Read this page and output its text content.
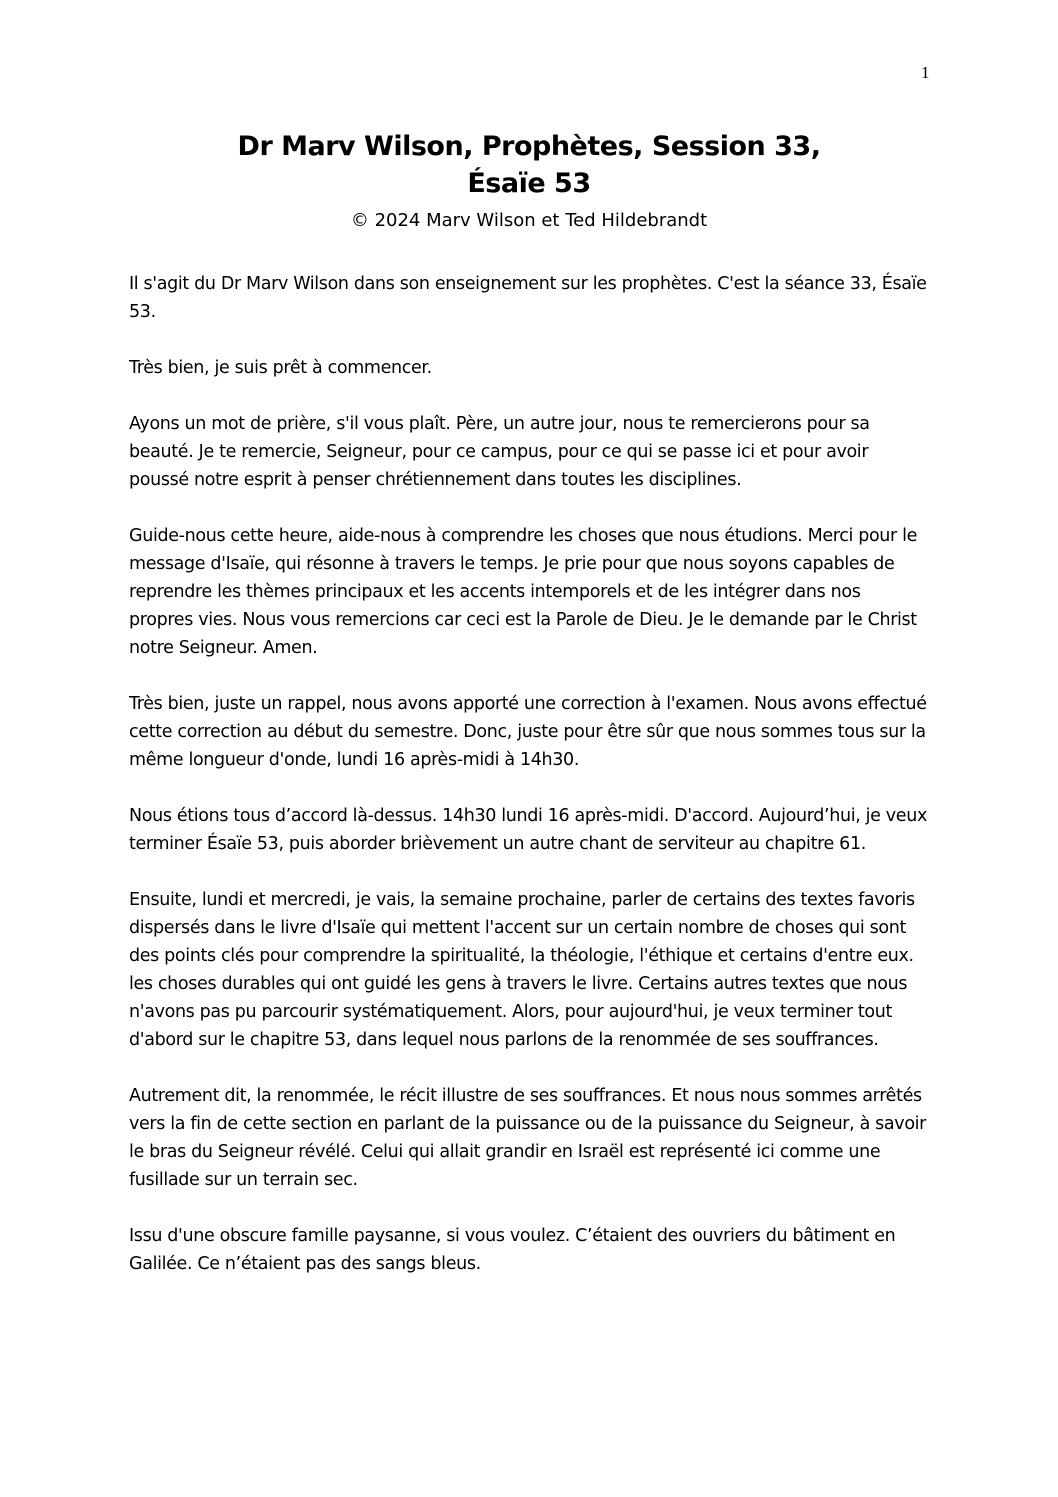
1
Dr Marv Wilson, Prophètes, Session 33,
Ésaïe 53
© 2024 Marv Wilson et Ted Hildebrandt

Il s'agit du Dr Marv Wilson dans son enseignement sur les prophètes. C'est la séance 33, Ésaïe 53.

Très bien, je suis prêt à commencer.

Ayons un mot de prière, s'il vous plaît. Père, un autre jour, nous te remercierons pour sa beauté. Je te remercie, Seigneur, pour ce campus, pour ce qui se passe ici et pour avoir poussé notre esprit à penser chrétiennement dans toutes les disciplines.

Guide-nous cette heure, aide-nous à comprendre les choses que nous étudions. Merci pour le message d'Isaïe, qui résonne à travers le temps. Je prie pour que nous soyons capables de reprendre les thèmes principaux et les accents intemporels et de les intégrer dans nos propres vies. Nous vous remercions car ceci est la Parole de Dieu. Je le demande par le Christ notre Seigneur. Amen.

Très bien, juste un rappel, nous avons apporté une correction à l'examen. Nous avons effectué cette correction au début du semestre. Donc, juste pour être sûr que nous sommes tous sur la même longueur d'onde, lundi 16 après-midi à 14h30.

Nous étions tous d’accord là-dessus. 14h30 lundi 16 après-midi. D'accord. Aujourd’hui, je veux terminer Ésaïe 53, puis aborder brièvement un autre chant de serviteur au chapitre 61.

Ensuite, lundi et mercredi, je vais, la semaine prochaine, parler de certains des textes favoris dispersés dans le livre d'Isaïe qui mettent l'accent sur un certain nombre de choses qui sont des points clés pour comprendre la spiritualité, la théologie, l'éthique et certains d'entre eux. les choses durables qui ont guidé les gens à travers le livre. Certains autres textes que nous n'avons pas pu parcourir systématiquement. Alors, pour aujourd'hui, je veux terminer tout d'abord sur le chapitre 53, dans lequel nous parlons de la renommée de ses souffrances.

Autrement dit, la renommée, le récit illustre de ses souffrances. Et nous nous sommes arrêtés vers la fin de cette section en parlant de la puissance ou de la puissance du Seigneur, à savoir le bras du Seigneur révélé. Celui qui allait grandir en Israël est représenté ici comme une fusillade sur un terrain sec.

Issu d'une obscure famille paysanne, si vous voulez. C’étaient des ouvriers du bâtiment en Galilée. Ce n’étaient pas des sangs bleus.
